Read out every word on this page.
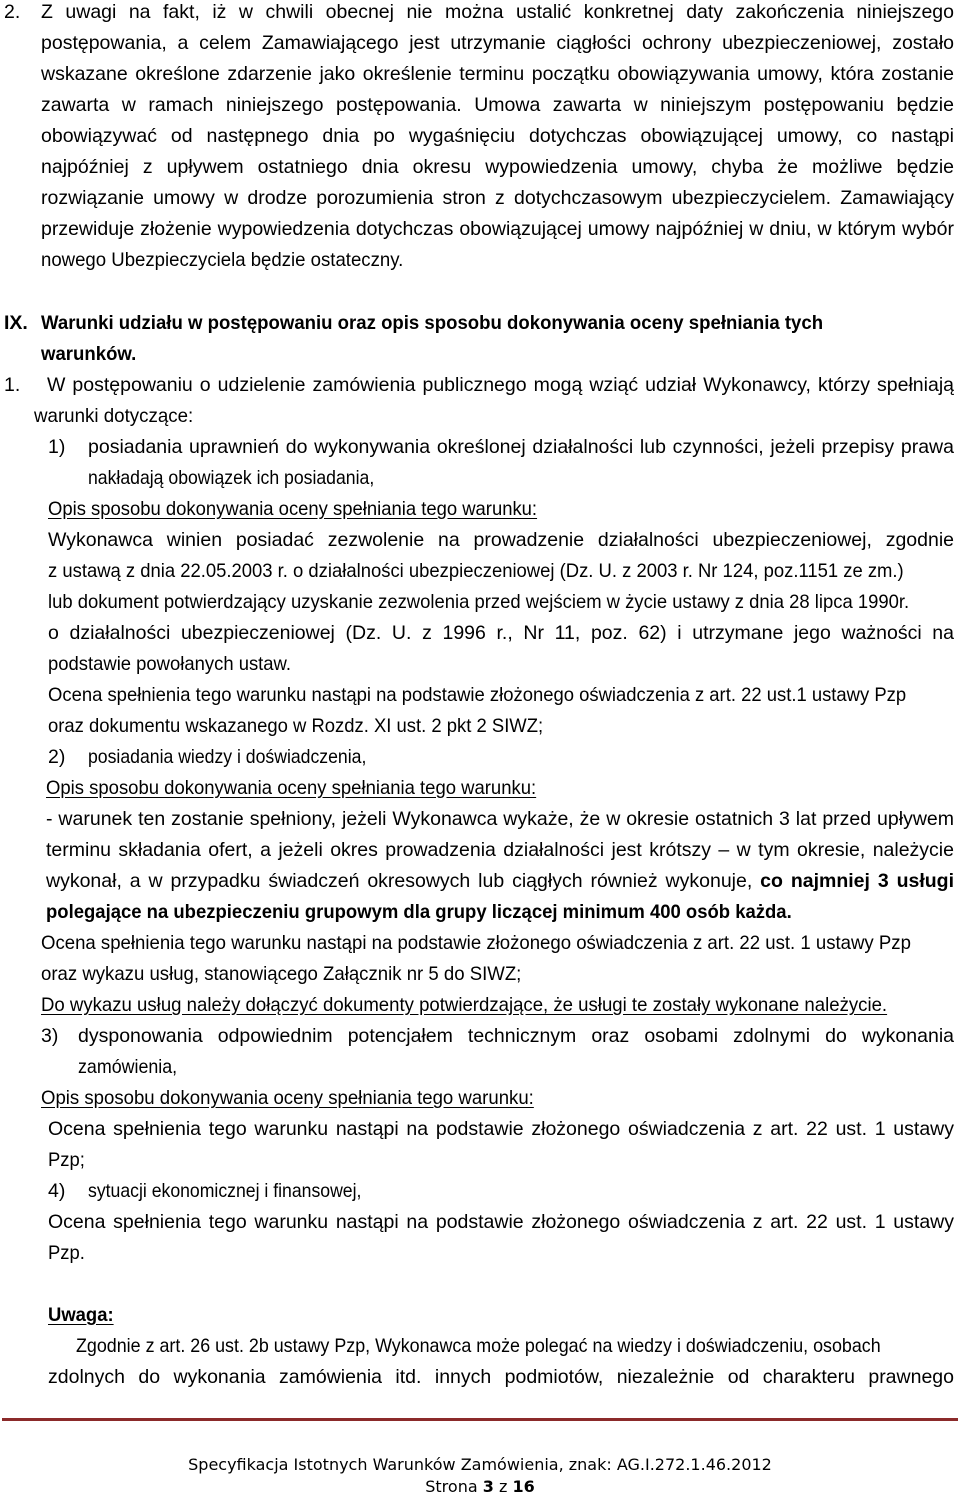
2.	Z uwagi na fakt, iż w chwili obecnej nie można ustalić konkretnej daty zakończenia niniejszego
postępowania, a celem Zamawiającego jest utrzymanie ciągłości ochrony ubezpieczeniowej, zostało
wskazane określone zdarzenie jako określenie terminu początku obowiązywania umowy, która zostanie
zawarta w ramach niniejszego postępowania. Umowa zawarta w niniejszym postępowaniu będzie
obowiązywać od następnego dnia po wygaśnięciu dotychczas obowiązującej umowy, co nastąpi
najpóźniej z upływem ostatniego dnia okresu wypowiedzenia umowy, chyba że możliwe będzie
rozwiązanie umowy w drodze porozumienia stron z dotychczasowym ubezpieczycielem. Zamawiający
przewiduje złożenie wypowiedzenia dotychczas obowiązującej umowy najpóźniej w dniu, w którym wybór
nowego Ubezpieczyciela będzie ostateczny.
IX. Warunki udziału w postępowaniu oraz opis sposobu dokonywania oceny spełniania tych
warunków.
1.	W postępowaniu o udzielenie zamówienia publicznego mogą wziąć udział Wykonawcy, którzy spełniają
warunki dotyczące:
1)	posiadania uprawnień do wykonywania określonej działalności lub czynności, jeżeli przepisy prawa
nakładają obowiązek ich posiadania,
Opis sposobu dokonywania oceny spełniania tego warunku:
Wykonawca winien posiadać zezwolenie na prowadzenie działalności ubezpieczeniowej, zgodnie
z ustawą z dnia 22.05.2003 r. o działalności ubezpieczeniowej (Dz. U. z 2003 r. Nr 124, poz.1151 ze zm.)
lub dokument potwierdzający uzyskanie zezwolenia przed wejściem w życie ustawy z dnia 28 lipca 1990r.
o działalności ubezpieczeniowej (Dz. U. z 1996 r., Nr 11, poz. 62) i utrzymane jego ważności na
podstawie powołanych ustaw.
Ocena spełnienia tego warunku nastąpi na podstawie złożonego oświadczenia z art. 22 ust.1 ustawy Pzp
oraz dokumentu wskazanego w Rozdz. XI ust. 2 pkt 2 SIWZ;
2)	posiadania wiedzy i doświadczenia,
Opis sposobu dokonywania oceny spełniania tego warunku:
- warunek ten zostanie spełniony, jeżeli Wykonawca wykaże, że w okresie ostatnich 3 lat przed upływem
terminu składania ofert, a jeżeli okres prowadzenia działalności jest krótszy – w tym okresie, należycie
wykonał, a w przypadku świadczeń okresowych lub ciągłych również wykonuje, co najmniej 3 usługi
polegające na ubezpieczeniu grupowym dla grupy liczącej minimum 400 osób każda.
Ocena spełnienia tego warunku nastąpi na podstawie złożonego oświadczenia z art. 22 ust. 1 ustawy Pzp
oraz wykazu usług, stanowiącego Załącznik nr 5 do SIWZ;
Do wykazu usług należy dołączyć dokumenty potwierdzające, że usługi te zostały wykonane należycie.
3)	dysponowania odpowiednim potencjałem technicznym oraz osobami zdolnymi do wykonania
zamówienia,
Opis sposobu dokonywania oceny spełniania tego warunku:
Ocena spełnienia tego warunku nastąpi na podstawie złożonego oświadczenia z art. 22 ust. 1 ustawy
Pzp;
4)	sytuacji ekonomicznej i finansowej,
Ocena spełnienia tego warunku nastąpi na podstawie złożonego oświadczenia z art. 22 ust. 1 ustawy
Pzp.
Uwaga:
Zgodnie z art. 26 ust. 2b ustawy Pzp, Wykonawca może polegać na wiedzy i doświadczeniu, osobach
zdolnych do wykonania zamówienia itd. innych podmiotów, niezależnie od charakteru prawnego
Specyfikacja Istotnych Warunków Zamówienia, znak: AG.I.272.1.46.2012
Strona 3 z 16
